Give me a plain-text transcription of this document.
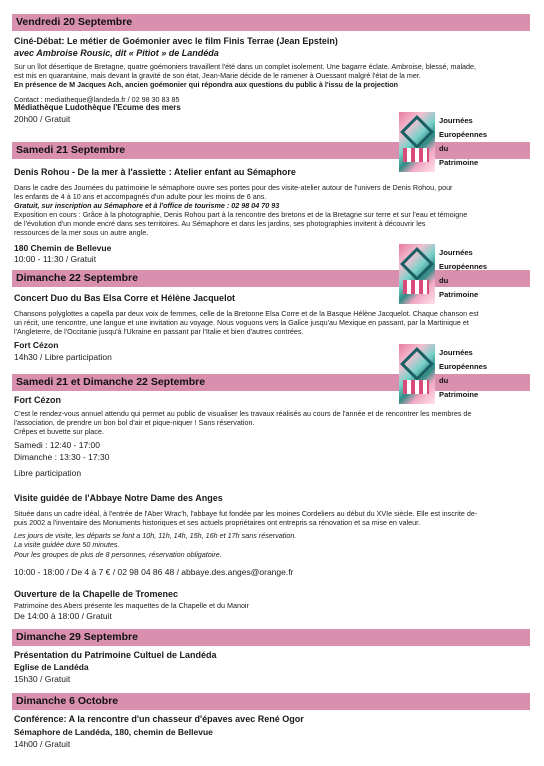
Vendredi 20 Septembre
Samedi 21 Septembre
Dimanche 22 Septembre
Samedi 21 et Dimanche 22 Septembre
Dimanche 29 Septembre
Dimanche 6 Octobre
Journées
Européennes
du
Patrimoine
Journées
Européennes
du
Patrimoine
Journées
Européennes
du
Patrimoine
Ciné-Débat: Le métier de Goémonier avec le film Finis Terrae (Jean Epstein)
avec Ambroise Rousic, dit « Pitiot » de Landéda
Sur un îlot désertique de Bretagne, quatre goémoniers travaillent l'été dans un complet isolement. Une bagarre éclate. Ambroise, blessé, malade,
est mis en quarantaine, mais devant la gravité de son état, Jean-Marie décide de le ramener à Ouessant malgré l'état de la mer.
En présence de M Jacques Ach, ancien goémonier qui répondra aux questions du public à l'issu de la projection
Contact : mediatheque@landeda.fr / 02 98 30 83 85
Médiathèque Ludothèque l'Ecume des mers
20h00 / Gratuit
Denis Rohou - De la mer à l'assiette : Atelier enfant au Sémaphore
Dans le cadre des Journées du patrimoine le sémaphore ouvre ses portes pour des visite-atelier autour de l'univers de Denis Rohou, pour
les enfants de 4 à 10 ans et accompagnés d'un adulte pour les moins de 6 ans.
Gratuit, sur inscription au Sémaphore et à l'office de tourisme : 02 98 04 70 93
Exposition en cours : Grâce à la photographie, Denis Rohou part à la rencontre des bretons et de la Bretagne sur terre et sur l'eau et témoigne
de l'évolution d'un monde encré dans ses territoires. Au Sémaphore et dans les jardins, ses photographies invitent à découvrir les
ressources de la mer sous un autre angle.
180 Chemin de Bellevue
10:00 - 11:30 / Gratuit
Concert Duo du Bas Elsa Corre et Hélène Jacquelot
Chansons polyglottes a capella par deux voix de femmes, celle de la Bretonne Elsa Corre et de la Basque Hélène Jacquelot. Chaque chanson est
un récit, une rencontre, une langue et une invitation au voyage. Nous voguons vers la Galice jusqu'au Mexique en passant, par la Martinique et
l'Angleterre, de l'Occitanie jusqu'à l'Ukraine en passant par l'Italie et bien d'autres contrées.
Fort Cézon
14h30 / Libre participation
Fort Cézon
C'est le rendez-vous annuel attendu qui permet au public de visualiser les travaux réalisés au cours de l'année et de rencontrer les membres de
l'association, de prendre un bon bol d'air et pique-niquer ! Sans réservation.
Crêpes et buvette sur place.
Samedi : 12:40 - 17:00
Dimanche : 13:30 - 17:30
Libre participation
Visite guidée de l'Abbaye Notre Dame des Anges
Située dans un cadre idéal, à l'entrée de l'Aber Wrac'h, l'abbaye fut fondée par les moines Cordeliers au début du XVIe siècle. Elle est inscrite de-
puis 2002 a l'inventaire des Monuments historiques et ses actuels propriétaires ont entrepris sa rénovation et sa mise en valeur.
Les jours de visite, les départs se font a 10h, 11h, 14h, 15h, 16h et 17h sans réservation.
La visite guidée dure 50 minutes.
Pour les groupes de plus de 8 personnes, réservation obligatoire.
10:00 - 18:00 / De 4 à 7 € / 02 98 04 86 48 / abbaye.des.anges@orange.fr
Ouverture de la Chapelle de Tromenec
Patrimoine des Abers présente les maquettes de la Chapelle et du Manoir
De 14:00 à 18:00 / Gratuit
Présentation du Patrimoine Cultuel de Landéda
Eglise de Landéda
15h30 / Gratuit
Conférence: A la rencontre d'un chasseur d'épaves avec René Ogor
Sémaphore de Landéda, 180, chemin de Bellevue
14h00 / Gratuit
